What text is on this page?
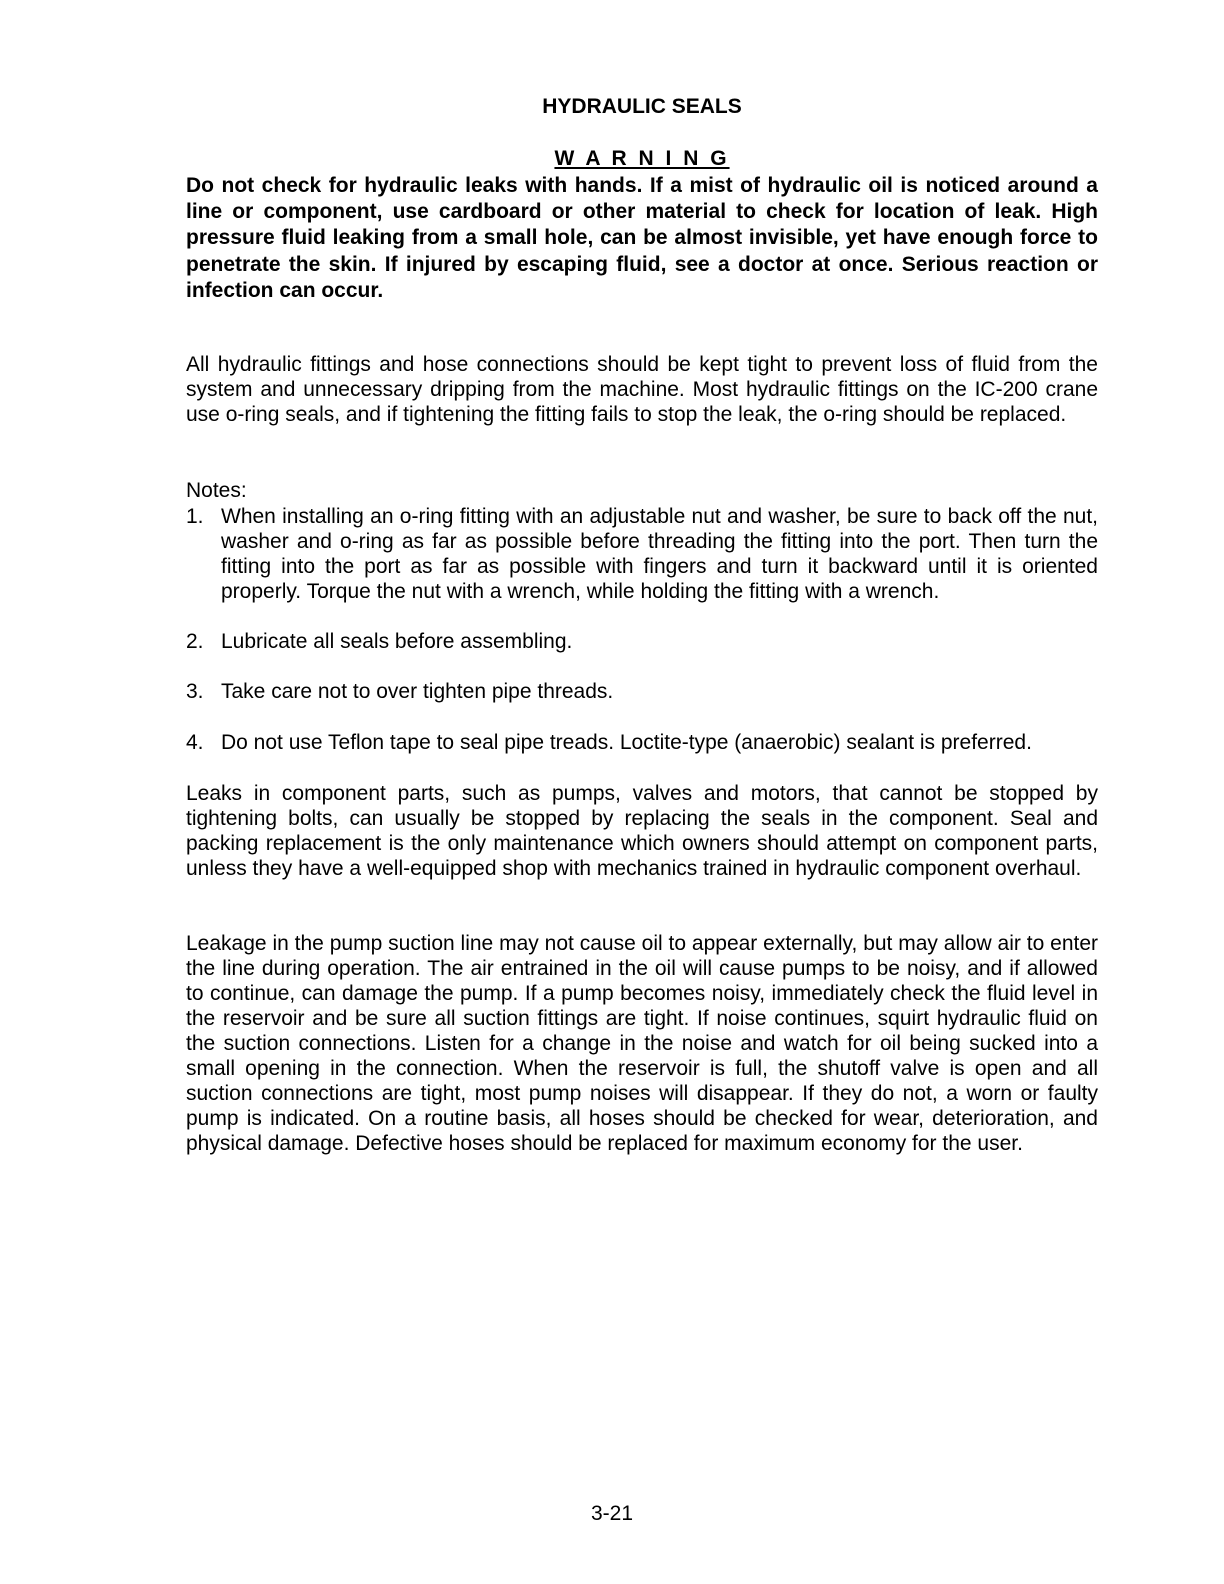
HYDRAULIC SEALS
W A R N I N G

Do not check for hydraulic leaks with hands. If a mist of hydraulic oil is noticed around a line or component, use cardboard or other material to check for location of leak. High pressure fluid leaking from a small hole, can be almost invisible, yet have enough force to penetrate the skin. If injured by escaping fluid, see a doctor at once. Serious reaction or infection can occur.

All hydraulic fittings and hose connections should be kept tight to prevent loss of fluid from the system and unnecessary dripping from the machine. Most hydraulic fittings on the IC-200 crane use o-ring seals, and if tightening the fitting fails to stop the leak, the o-ring should be replaced.

Notes:

1. When installing an o-ring fitting with an adjustable nut and washer, be sure to back off the nut, washer and o-ring as far as possible before threading the fitting into the port. Then turn the fitting into the port as far as possible with fingers and turn it backward until it is oriented properly. Torque the nut with a wrench, while holding the fitting with a wrench.
2. Lubricate all seals before assembling.
3. Take care not to over tighten pipe threads.
4. Do not use Teflon tape to seal pipe treads. Loctite-type (anaerobic) sealant is preferred.

Leaks in component parts, such as pumps, valves and motors, that cannot be stopped by tightening bolts, can usually be stopped by replacing the seals in the component. Seal and packing replacement is the only maintenance which owners should attempt on component parts, unless they have a well-equipped shop with mechanics trained in hydraulic component overhaul.

Leakage in the pump suction line may not cause oil to appear externally, but may allow air to enter the line during operation. The air entrained in the oil will cause pumps to be noisy, and if allowed to continue, can damage the pump. If a pump becomes noisy, immediately check the fluid level in the reservoir and be sure all suction fittings are tight. If noise continues, squirt hydraulic fluid on the suction connections. Listen for a change in the noise and watch for oil being sucked into a small opening in the connection. When the reservoir is full, the shutoff valve is open and all suction connections are tight, most pump noises will disappear. If they do not, a worn or faulty pump is indicated. On a routine basis, all hoses should be checked for wear, deterioration, and physical damage. Defective hoses should be replaced for maximum economy for the user.

3-21
